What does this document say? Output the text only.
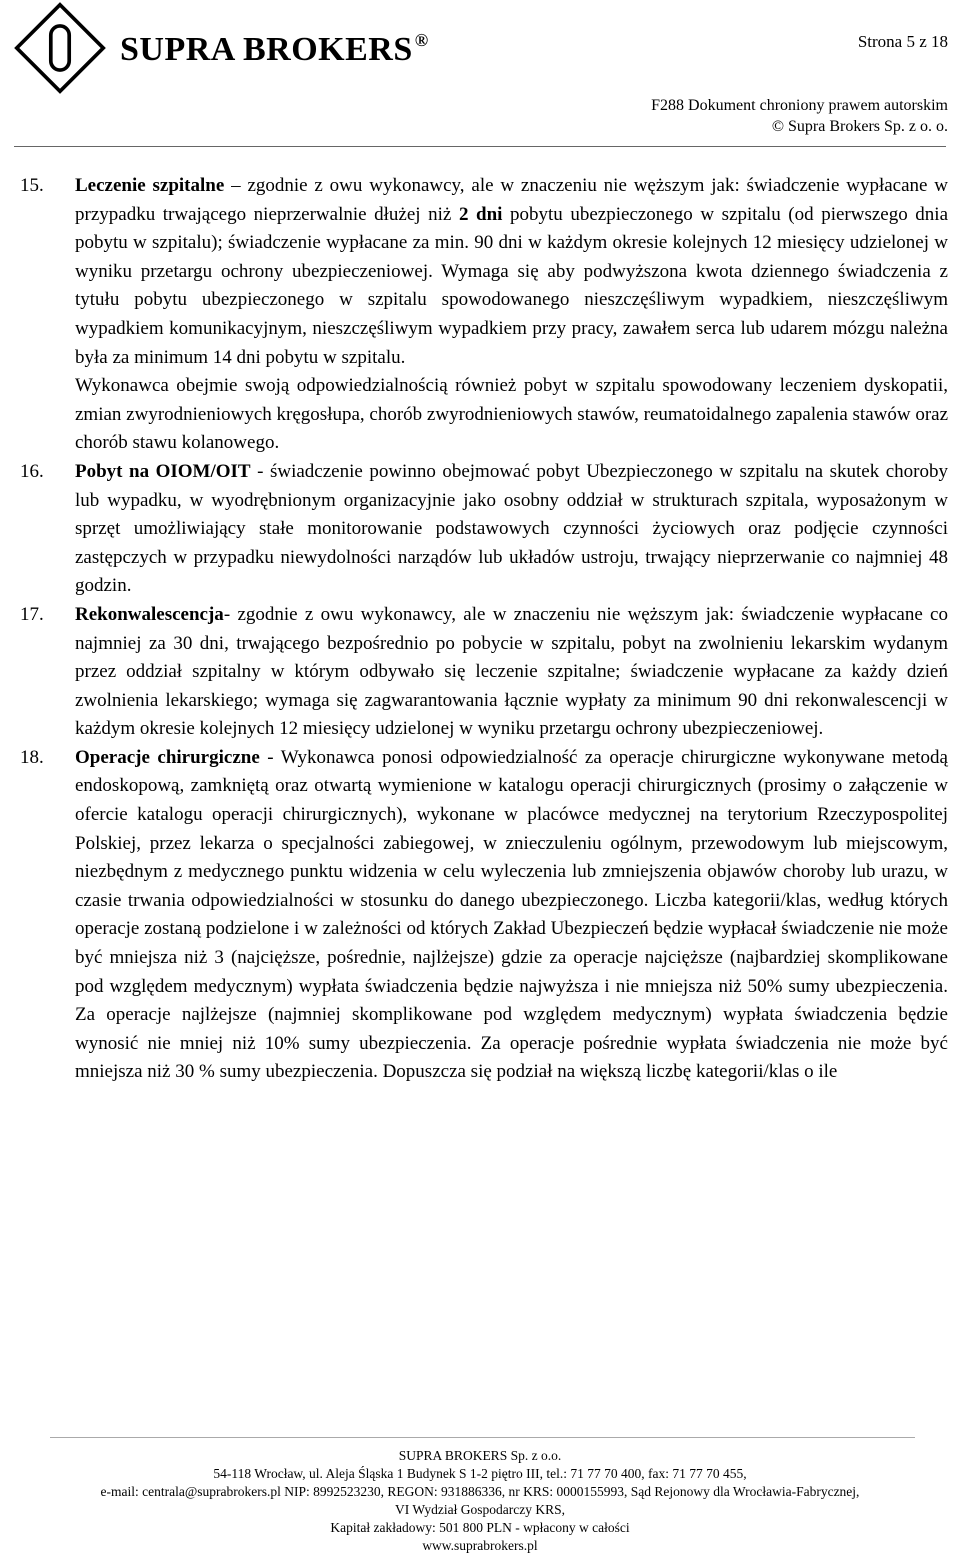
SUPRA BROKERS ®	Strona 5 z 18
F288 Dokument chroniony prawem autorskim
© Supra Brokers Sp. z o. o.
15.	Leczenie szpitalne – zgodnie z owu wykonawcy, ale w znaczeniu nie węższym jak: świadczenie wypłacane w przypadku trwającego nieprzerwalnie dłużej niż 2 dni pobytu ubezpieczonego w szpitalu (od pierwszego dnia pobytu w szpitalu); świadczenie wypłacane za min. 90 dni w każdym okresie kolejnych 12 miesięcy udzielonej w wyniku przetargu ochrony ubezpieczeniowej. Wymaga się aby podwyższona kwota dziennego świadczenia z tytułu pobytu ubezpieczonego w szpitalu spowodowanego nieszczęśliwym wypadkiem, nieszczęśliwym wypadkiem komunikacyjnym, nieszczęśliwym wypadkiem przy pracy, zawałem serca lub udarem mózgu należna była za minimum 14 dni pobytu w szpitalu.
Wykonawca obejmie swoją odpowiedzialnością również pobyt w szpitalu spowodowany leczeniem dyskopatii, zmian zwyrodnieniowych kręgosłupa, chorób zwyrodnieniowych stawów, reumatoidalnego zapalenia stawów oraz chorób stawu kolanowego.
16.	Pobyt na OIOM/OIT - świadczenie powinno obejmować pobyt Ubezpieczonego w szpitalu na skutek choroby lub wypadku, w wyodrębnionym organizacyjnie jako osobny oddział w strukturach szpitala, wyposażonym w sprzęt umożliwiający stałe monitorowanie podstawowych czynności życiowych oraz podjęcie czynności zastępczych w przypadku niewydolności narządów lub układów ustroju, trwający nieprzerwanie co najmniej 48 godzin.
17.	Rekonwalescencja- zgodnie z owu wykonawcy, ale w znaczeniu nie węższym jak: świadczenie wypłacane co najmniej za 30 dni, trwającego bezpośrednio po pobycie w szpitalu, pobyt na zwolnieniu lekarskim wydanym przez oddział szpitalny w którym odbywało się leczenie szpitalne; świadczenie wypłacane za każdy dzień zwolnienia lekarskiego; wymaga się zagwarantowania łącznie wypłaty za minimum 90 dni rekonwalescencji w każdym okresie kolejnych 12 miesięcy udzielonej w wyniku przetargu ochrony ubezpieczeniowej.
18.	Operacje chirurgiczne - Wykonawca ponosi odpowiedzialność za operacje chirurgiczne wykonywane metodą endoskopową, zamkniętą oraz otwartą wymienione w katalogu operacji chirurgicznych (prosimy o załączenie w ofercie katalogu operacji chirurgicznych), wykonane w placówce medycznej na terytorium Rzeczypospolitej Polskiej, przez lekarza o specjalności zabiegowej, w znieczuleniu ogólnym, przewodowym lub miejscowym, niezbędnym z medycznego punktu widzenia w celu wyleczenia lub zmniejszenia objawów choroby lub urazu, w czasie trwania odpowiedzialności w stosunku do danego ubezpieczonego. Liczba kategorii/klas, według których operacje zostaną podzielone i w zależności od których Zakład Ubezpieczeń będzie wypłacał świadczenie nie może być mniejsza niż 3 (najcięższe, pośrednie, najlżejsze) gdzie za operacje najcięższe (najbardziej skomplikowane pod względem medycznym) wypłata świadczenia będzie najwyższa i nie mniejsza niż 50% sumy ubezpieczenia. Za operacje najlżejsze (najmniej skomplikowane pod względem medycznym) wypłata świadczenia będzie wynosić nie mniej niż 10% sumy ubezpieczenia. Za operacje pośrednie wypłata świadczenia nie może być mniejsza niż 30 % sumy ubezpieczenia. Dopuszcza się podział na większą liczbę kategorii/klas o ile
SUPRA BROKERS Sp. z o.o.
54-118 Wrocław, ul. Aleja Śląska 1 Budynek S 1-2 piętro III, tel.: 71 77 70 400, fax: 71 77 70 455,
e-mail: centrala@suprabrokers.pl NIP: 8992523230, REGON: 931886336, nr KRS: 0000155993, Sąd Rejonowy dla Wrocławia-Fabrycznej,
VI Wydział Gospodarczy KRS,
Kapitał zakładowy: 501 800 PLN - wpłacony w całości
www.suprabrokers.pl
